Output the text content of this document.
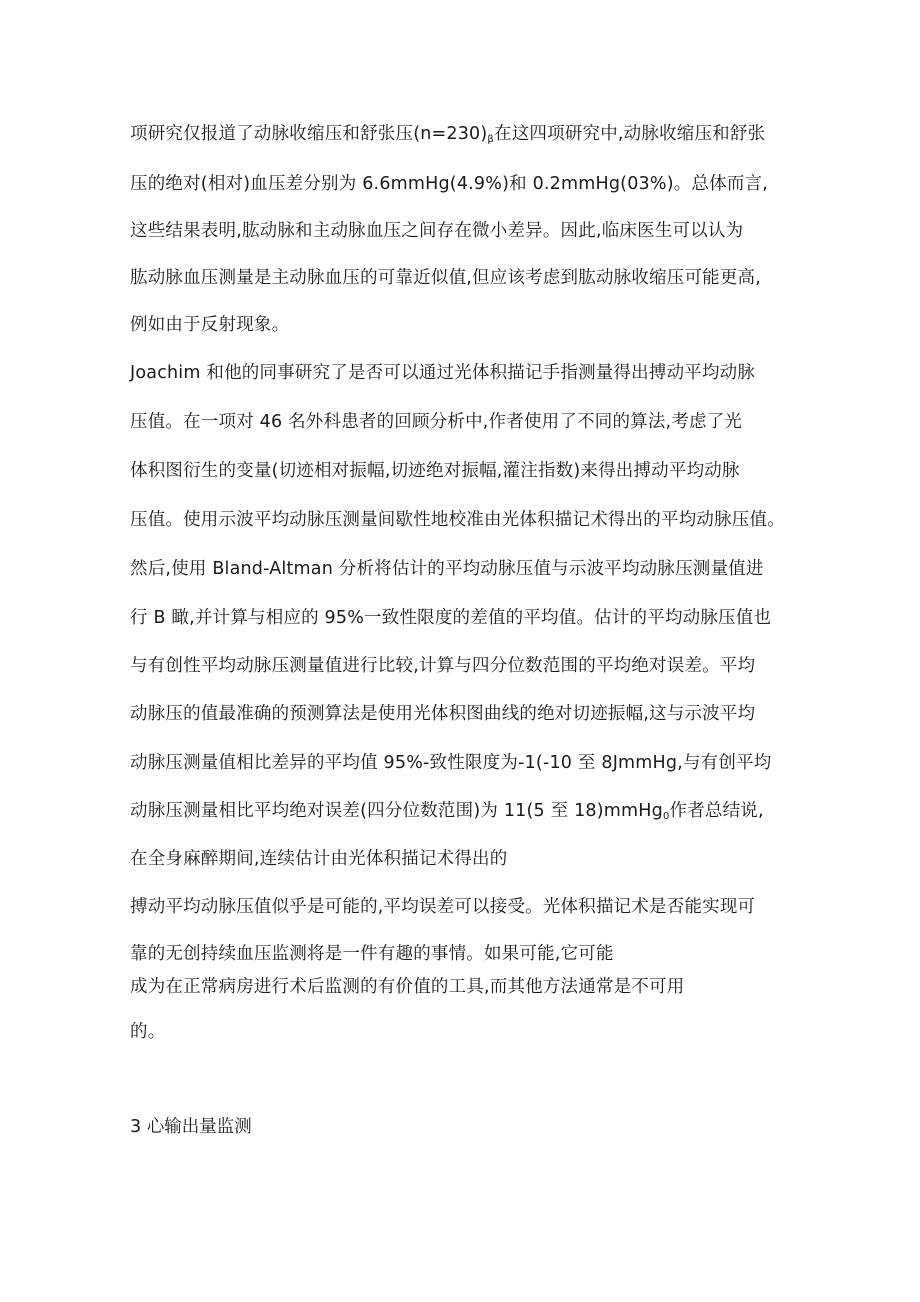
项研究仅报道了动脉收缩压和舒张压$(n=230)_\beta$在这四项研究中,动脉收缩压和舒张
压的绝对(相对)血压差分别为 6.6mmHg(4.9%)和 0.2mmHg(03%)。总体而言,
这些结果表明,肱动脉和主动脉血压之间存在微小差异。因此,临床医生可以认为
肱动脉血压测量是主动脉血压的可靠近似值,但应该考虑到肱动脉收缩压可能更高,
例如由于反射现象。
Joachim 和他的同事研究了是否可以通过光体积描记手指测量得出搏动平均动脉
压值。在一项对 46 名外科患者的回顾分析中,作者使用了不同的算法,考虑了光
体积图衍生的变量(切迹相对振幅,切迹绝对振幅,灌注指数)来得出搏动平均动脉
压值。使用示波平均动脉压测量间歇性地校准由光体积描记术得出的平均动脉压值。
然后,使用 Bland-Altman 分析将估计的平均动脉压值与示波平均动脉压测量值进
行 B 瞰,并计算与相应的 95%一致性限度的差值的平均值。估计的平均动脉压值也
与有创性平均动脉压测量值进行比较,计算与四分位数范围的平均绝对误差。平均
动脉压的值最准确的预测算法是使用光体积图曲线的绝对切迹振幅,这与示波平均
动脉压测量值相比差异的平均值 95%-致性限度为-1(-10 至 8JmmHg,与有创平均
动脉压测量相比平均绝对误差(四分位数范围)为 11(5 至 18)mmHg$_0$作者总结说,
在全身麻醉期间,连续估计由光体积描记术得出的
搏动平均动脉压值似乎是可能的,平均误差可以接受。光体积描记术是否能实现可
靠的无创持续血压监测将是一件有趣的事情。如果可能,它可能
成为在正常病房进行术后监测的有价值的工具,而其他方法通常是不可用
的。
3 心输出量监测
